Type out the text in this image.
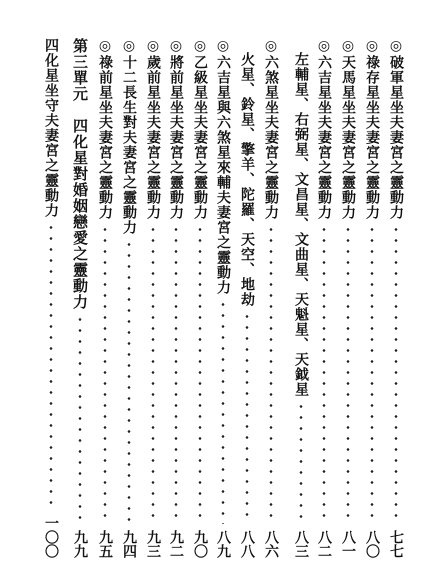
◎破軍星坐夫妻宮之靈動力
七七
◎祿存星坐夫妻宮之靈動力
八〇
◎天馬星坐夫妻宮之靈動力
八一
◎六吉星坐夫妻宮之靈動力
八二
左輔星、右弼星、文昌星、文曲星、天魁星、天鉞星
八三
◎六煞星坐夫妻宮之靈動力
八六
火星、鈴星、擎羊、陀羅、天空、地劫
八八
◎六吉星與六煞星來輔夫妻宮之靈動力
八九
◎乙級星坐夫妻宮之靈動力
九〇
◎將前星坐夫妻宮之靈動力
九二
◎歲前星坐夫妻宮之靈動力
九三
◎十二長生對夫妻宮之靈動力
九四
◎祿前星坐夫妻宮之靈動力
九五
第三單元　四化星對婚姻戀愛之靈動力
九九
四化星坐守夫妻宮之靈動力
一〇〇
